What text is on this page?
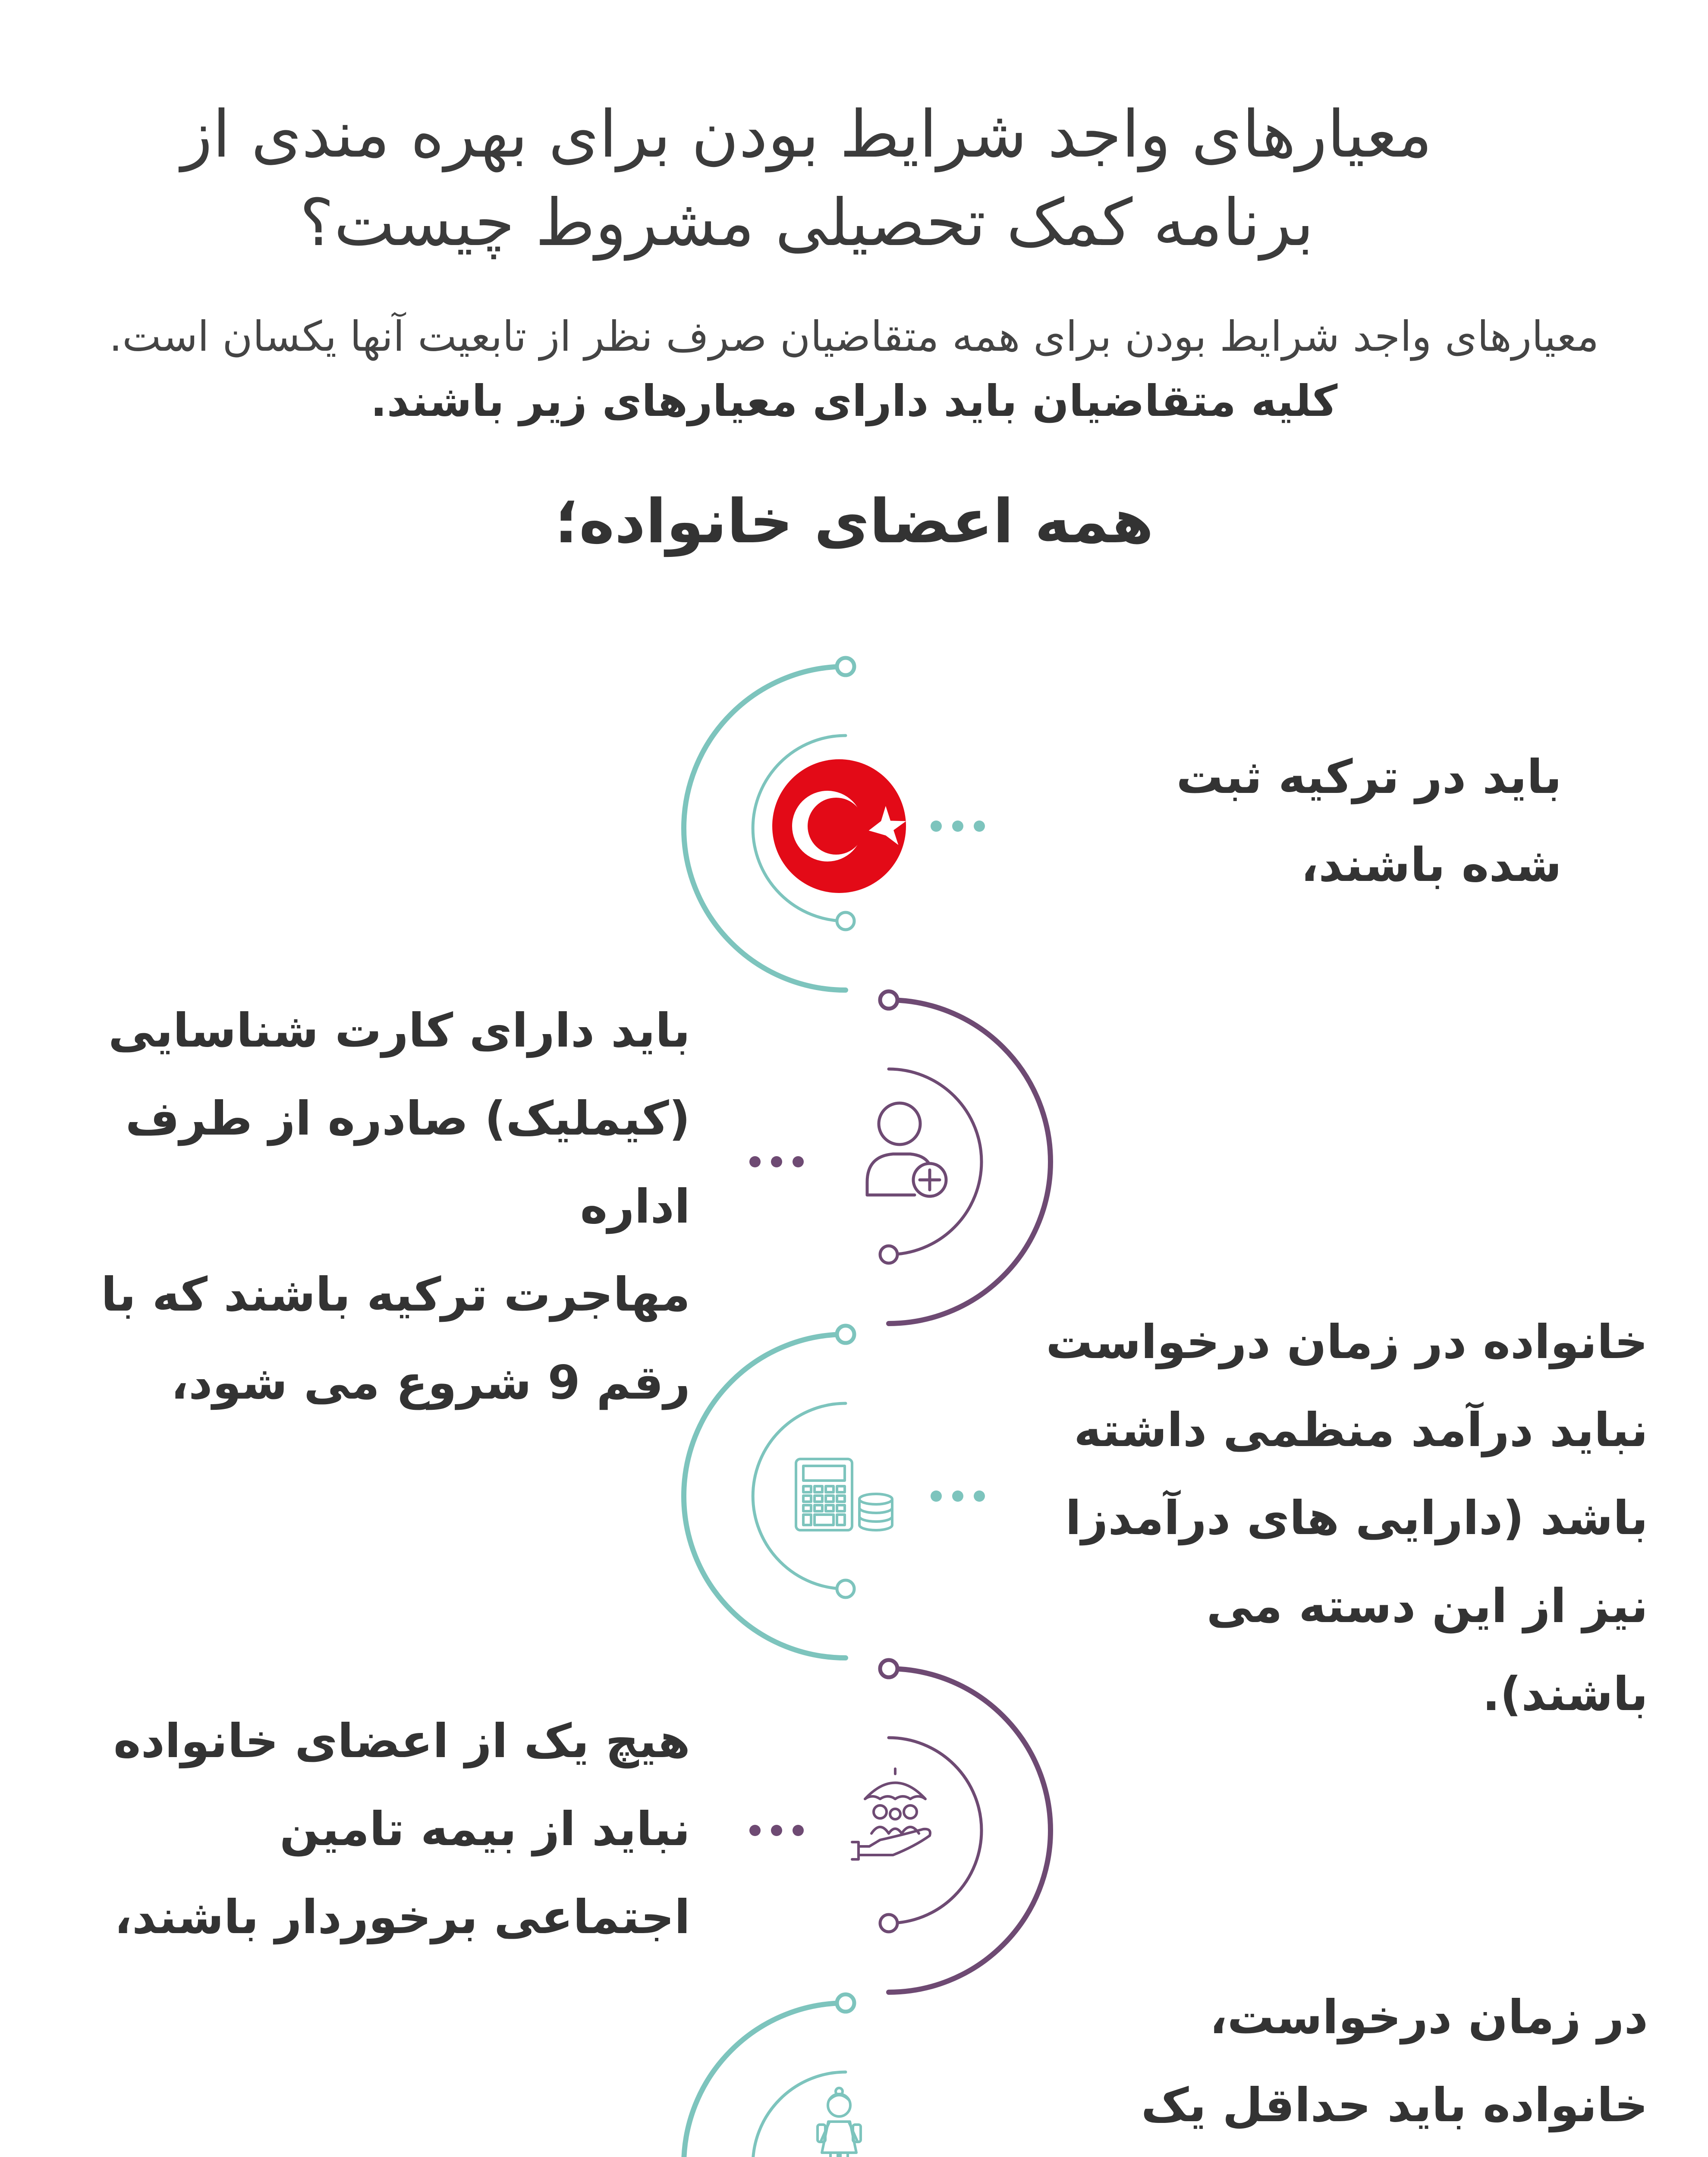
معیارهای واجد شرایط بودن برای بهره مندی از
برنامه کمک تحصیلی مشروط چیست؟
معیارهای واجد شرایط بودن برای همه متقاضیان صرف نظر از تابعیت آنها یکسان است.
کلیه متقاضیان باید دارای معیارهای زیر باشند.
همه اعضای خانواده؛
باید در ترکیه ثبت
شده باشند،
باید دارای کارت شناسایی
(کیملیک) صادره از طرف اداره
مهاجرت ترکیه باشند که با
رقم 9 شروع می شود،
خانواده در زمان درخواست
نباید درآمد منظمی داشته
باشد (دارایی های درآمدزا
نیز از این دسته می باشند).
هیچ یک از اعضای خانواده
نباید از بیمه تامین
اجتماعی برخوردار باشند،
در زمان درخواست،
خانواده باید حداقل یک
